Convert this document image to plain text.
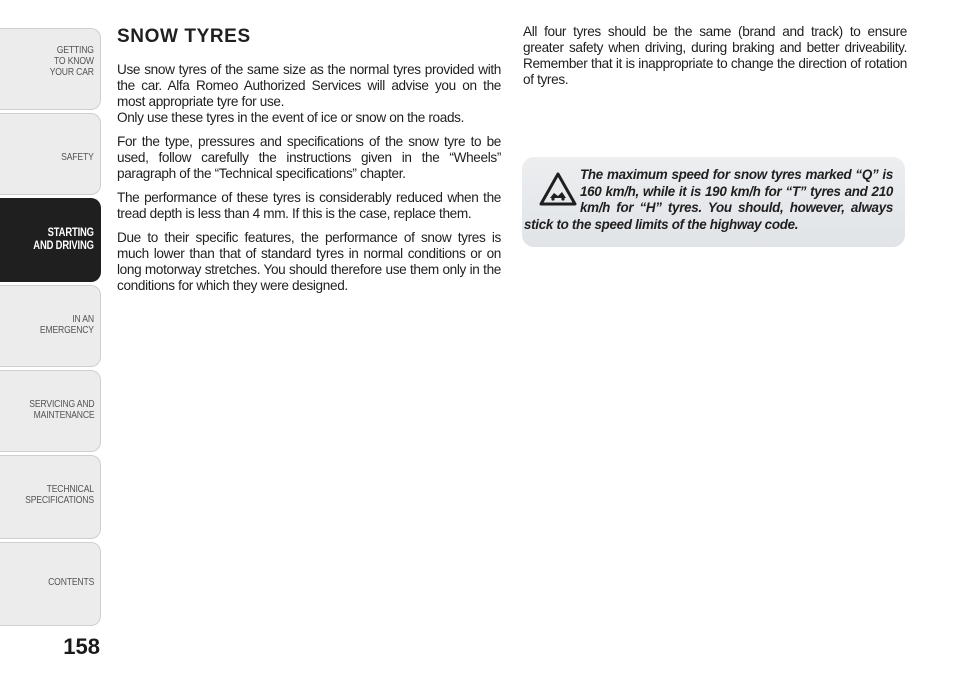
GETTING
TO KNOW
YOUR CAR
SAFETY
STARTING
AND DRIVING
IN AN
EMERGENCY
SERVICING AND
MAINTENANCE
TECHNICAL
SPECIFICATIONS
CONTENTS
158
SNOW TYRES

Use snow tyres of the same size as the normal tyres provided with the car. Alfa Romeo Authorized Services will advise you on the most appropriate tyre for use.

Only use these tyres in the event of ice or snow on the roads.

For the type, pressures and specifications of the snow tyre to be used, follow carefully the instructions given in the “Wheels” paragraph of the “Technical specifications” chapter.

The performance of these tyres is considerably reduced when the tread depth is less than 4 mm. If this is the case, replace them.

Due to their specific features, the performance of snow tyres is much lower than that of standard tyres in normal conditions or on long motorway stretches. You should therefore use them only in the conditions for which they were designed.

All four tyres should be the same (brand and track) to ensure greater safety when driving, during braking and better driveability. Remember that it is inappropriate to change the direction of rotation of tyres.

The maximum speed for snow tyres marked “Q” is 160 km/h, while it is 190 km/h for “T” tyres and 210 km/h for “H” tyres. You should, however, always stick to the speed limits of the highway code.
